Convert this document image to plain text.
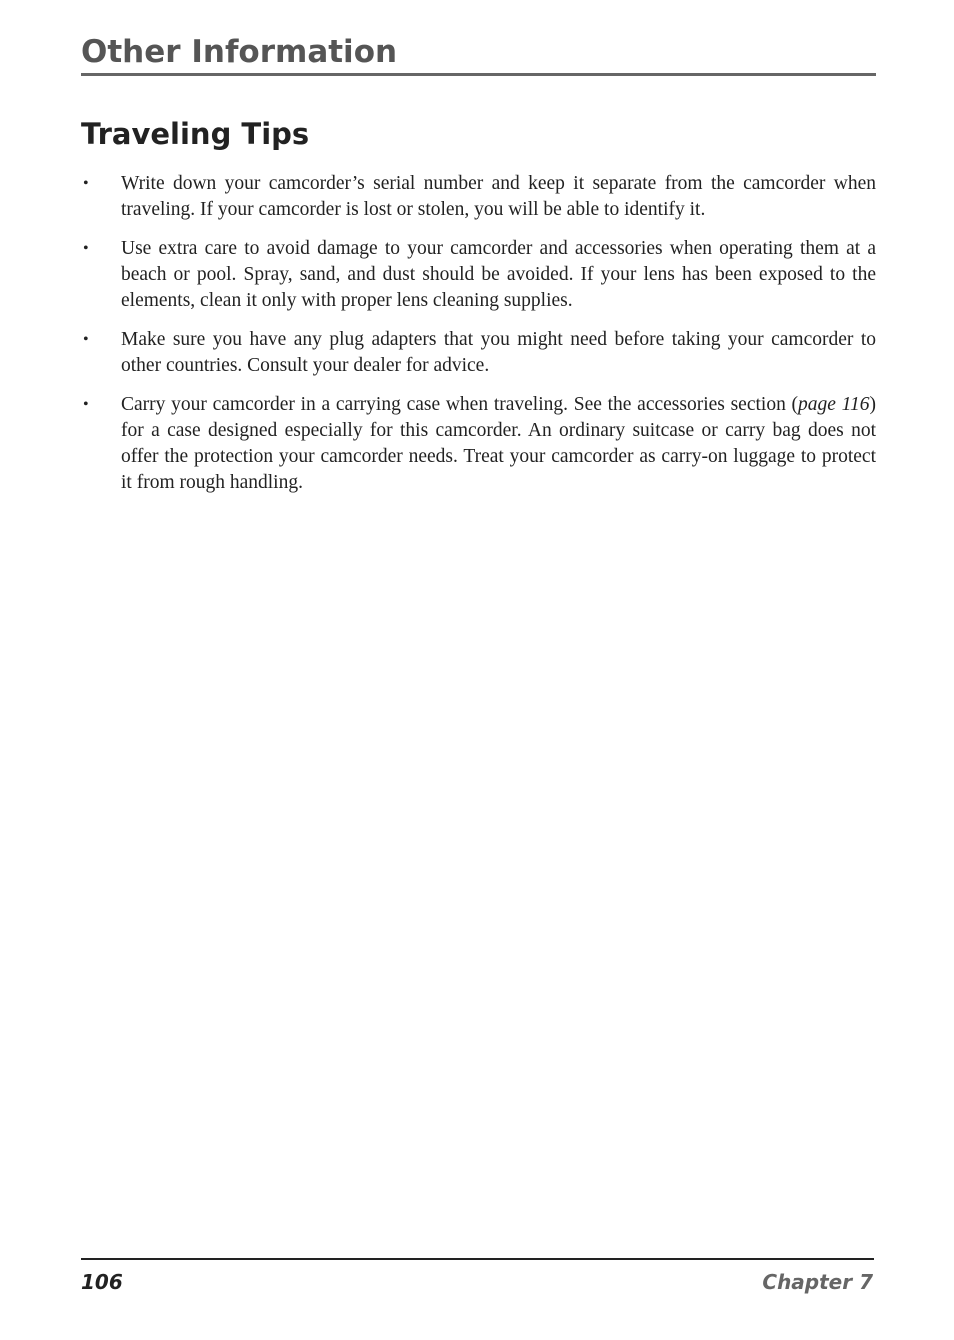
Other Information
Traveling Tips
• Write down your camcorder’s serial number and keep it separate from the camcorder when traveling. If your camcorder is lost or stolen, you will be able to identify it.
• Use extra care to avoid damage to your camcorder and accessories when operating them at a beach or pool. Spray, sand, and dust should be avoided. If your lens has been exposed to the elements, clean it only with proper lens cleaning supplies.
• Make sure you have any plug adapters that you might need before taking your camcorder to other countries. Consult your dealer for advice.
• Carry your camcorder in a carrying case when traveling. See the accessories section (page 116) for a case designed especially for this camcorder. An ordinary suitcase or carry bag does not offer the protection your camcorder needs. Treat your camcorder as carry-on luggage to protect it from rough handling.
106	Chapter 7
